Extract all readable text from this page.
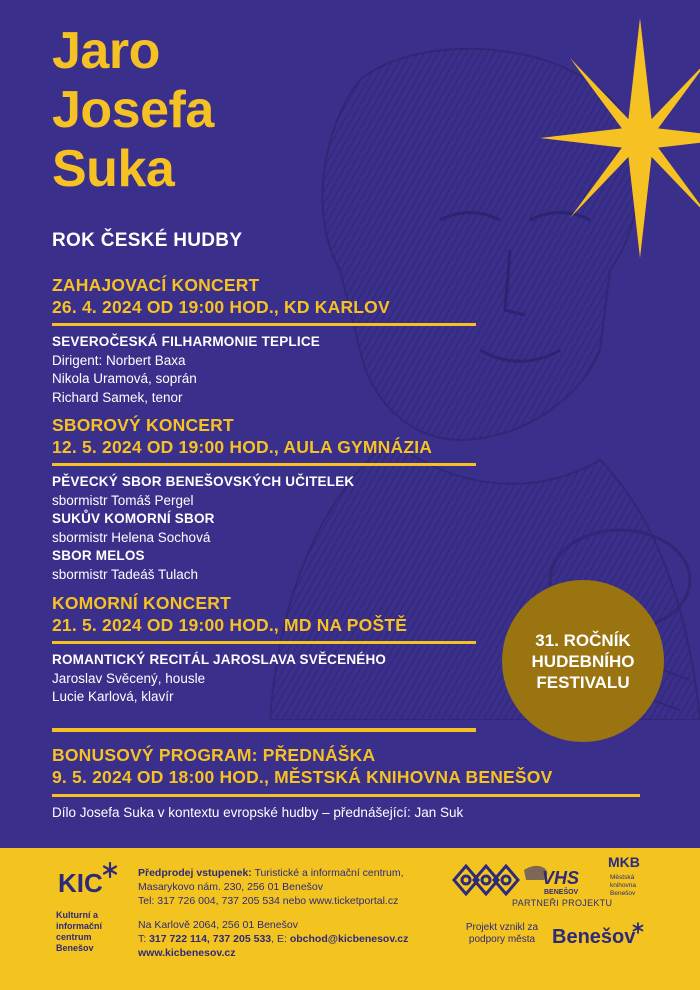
Jaro
Josefa
Suka
ROK ČESKÉ HUDBY
ZAHAJOVACÍ KONCERT
26. 4. 2024 OD 19:00 HOD., KD KARLOV
SEVEROČESKÁ FILHARMONIE TEPLICE
Dirigent: Norbert Baxa
Nikola Uramová, soprán
Richard Samek, tenor
SBOROVÝ KONCERT
12. 5. 2024 OD 19:00 HOD., AULA GYMNÁZIA
PĚVECKÝ SBOR BENEŠOVSKÝCH UČITELEK
sbormistr Tomáš Pergel
SUKŮV KOMORNÍ SBOR
sbormistr Helena Sochová
SBOR MELOS
sbormistr Tadeáš Tulach
KOMORNÍ KONCERT
21. 5. 2024 OD 19:00 HOD., MD NA POŠTĚ
ROMANTICKÝ RECITÁL JAROSLAVA SVĚCENÉHO
Jaroslav Svěcený, housle
Lucie Karlová, klavír
31. ROČNÍK HUDEBNÍHO FESTIVALU
BONUSOVÝ PROGRAM: PŘEDNÁŠKA
9. 5. 2024 OD 18:00 HOD., MĚSTSKÁ KNIHOVNA BENEŠOV
Dílo Josefa Suka v kontextu evropské hudby – přednášející: Jan Suk
KIC
Kulturní a informační centrum Benešov
Předprodej vstupenek: Turistické a informační centrum,
Masarykovo nám. 230, 256 01 Benešov
Tel: 317 726 004, 737 205 534 nebo www.ticketportal.cz
Na Karlově 2064, 256 01 Benešov
T: 317 722 114, 737 205 533, E: obchod@kicbenesov.cz
www.kicbenesov.cz
VHS
BENEŠOV
PARTNEŘI PROJEKTU
MKB
Městská knihovna Benešov
Projekt vznikl za podpory města Benešov
